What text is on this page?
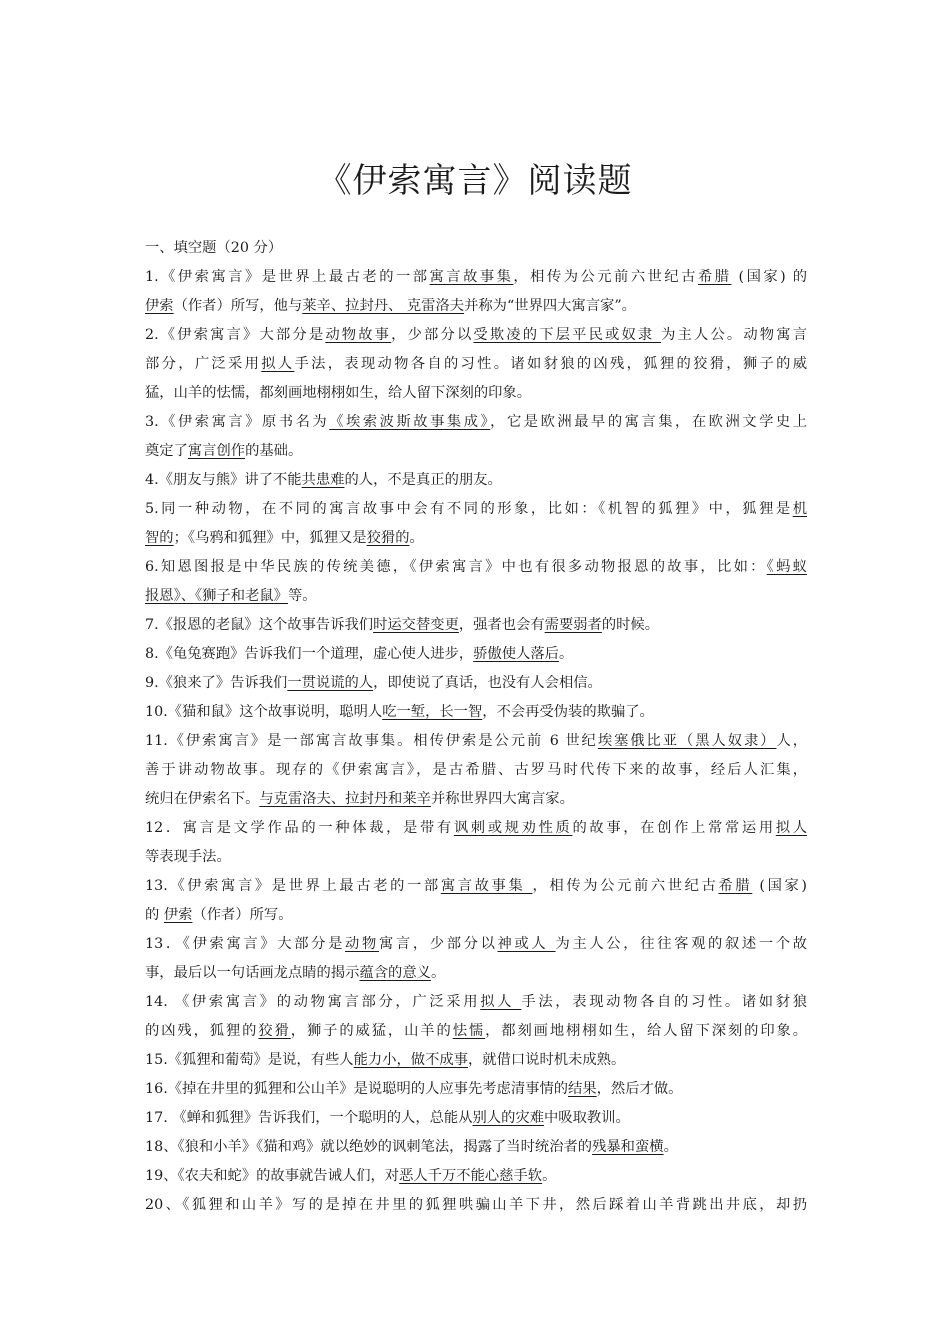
《伊索寓言》阅读题
一、填空题（20 分）
1.《伊索寓言》是世界上最古老的一部寓言故事集，相传为公元前六世纪古希腊 (国家) 的
伊索（作者）所写，他与莱辛、拉封丹、 克雷洛夫并称为“世界四大寓言家”。
2.《伊索寓言》大部分是动物故事，少部分以受欺凌的下层平民或奴隶 为主人公。动物寓言
部分，广泛采用拟人手法，表现动物各自的习性。诸如豺狼的凶残，狐狸的狡猾，狮子的威
猛，山羊的怯懦，都刻画地栩栩如生，给人留下深刻的印象。
3.《伊索寓言》原书名为《埃索波斯故事集成》，它是欧洲最早的寓言集，在欧洲文学史上
奠定了寓言创作的基础。
4.《朋友与熊》讲了不能共患难的人，不是真正的朋友。
5.同一种动物，在不同的寓言故事中会有不同的形象，比如：《机智的狐狸》中，狐狸是机
智的；《乌鸦和狐狸》中，狐狸又是狡猾的。
6.知恩图报是中华民族的传统美德，《伊索寓言》中也有很多动物报恩的故事，比如：《蚂蚁
报恩》、《狮子和老鼠》等。
7.《报恩的老鼠》这个故事告诉我们时运交替变更，强者也会有需要弱者的时候。
8.《龟兔赛跑》告诉我们一个道理，虚心使人进步，骄傲使人落后。
9.《狼来了》告诉我们一贯说谎的人，即使说了真话，也没有人会相信。
10.《猫和鼠》这个故事说明，聪明人吃一堑，长一智，不会再受伪装的欺骗了。
11.《伊索寓言》是一部寓言故事集。相传伊索是公元前 6 世纪埃塞俄比亚（黑人奴隶）人，
善于讲动物故事。现存的《伊索寓言》，是古希腊、古罗马时代传下来的故事，经后人汇集，
统归在伊索名下。与克雷洛夫、拉封丹和莱辛并称世界四大寓言家。
12．寓言是文学作品的一种体裁，是带有讽刺或规劝性质的故事，在创作上常常运用拟人
等表现手法。
13.《伊索寓言》是世界上最古老的一部寓言故事集 ，相传为公元前六世纪古希腊 (国家)
的 伊索（作者）所写。
13．《伊索寓言》大部分是动物寓言，少部分以神或人 为主人公，往往客观的叙述一个故
事，最后以一句话画龙点睛的揭示蕴含的意义。
14. 《伊索寓言》的动物寓言部分，广泛采用拟人 手法，表现动物各自的习性。诸如豺狼
的凶残，狐狸的狡猾，狮子的威猛，山羊的怯懦，都刻画地栩栩如生，给人留下深刻的印象。
15.《狐狸和葡萄》是说，有些人能力小，做不成事，就借口说时机未成熟。
16.《掉在井里的狐狸和公山羊》是说聪明的人应事先考虑清事情的结果，然后才做。
17. 《蝉和狐狸》告诉我们，一个聪明的人，总能从别人的灾难中吸取教训。
18、《狼和小羊》《猫和鸡》就以绝妙的讽刺笔法，揭露了当时统治者的残暴和蛮横。
19、《农夫和蛇》的故事就告诫人们，对恶人千万不能心慈手软。
20、《狐狸和山羊》写的是掉在井里的狐狸哄骗山羊下井，然后踩着山羊背跳出井底，却扔
